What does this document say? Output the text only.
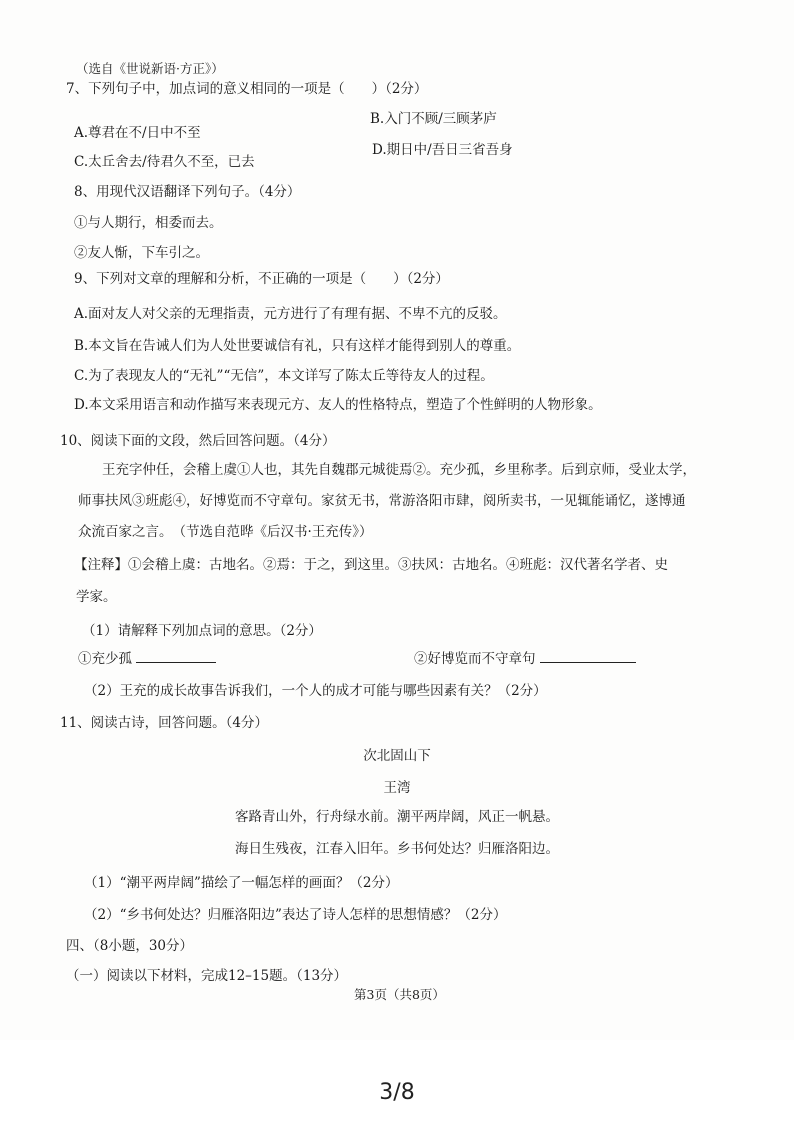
（选自《世说新语·方正》）
7、下列句子中，加点词的意义相同的一项是（　　）（2分）
B.入门不顾/三顾茅庐
A.尊君在不/日中不至
D.期日中/吾日三省吾身
C.太丘舍去/待君久不至，已去
8、用现代汉语翻译下列句子。（4分）
①与人期行，相委而去。
②友人惭，下车引之。
9、下列对文章的理解和分析，不正确的一项是（　　）（2分）
A.面对友人对父亲的无理指责，元方进行了有理有据、不卑不亢的反驳。
B.本文旨在告诫人们为人处世要诚信有礼，只有这样才能得到别人的尊重。
C.为了表现友人的“无礼”“无信”，本文详写了陈太丘等待友人的过程。
D.本文采用语言和动作描写来表现元方、友人的性格特点，塑造了个性鲜明的人物形象。
10、阅读下面的文段，然后回答问题。（4分）
王充字仲任，会稽上虞①人也，其先自魏郡元城徙焉②。充少孤，乡里称孝。后到京师，受业太学，
师事扶风③班彪④，好博览而不守章句。家贫无书，常游洛阳市肆，阅所卖书，一见辄能诵忆，遂博通
众流百家之言。　（节选自范晔《后汉书·王充传》）
【注释】①会稽上虞：古地名。②焉：于之，到这里。③扶风：古地名。④班彪：汉代著名学者、史
学家。
（1）请解释下列加点词的意思。（2分）
①充少孤	②好博览而不守章句
（2）王充的成长故事告诉我们，一个人的成才可能与哪些因素有关？（2分）
11、阅读古诗，回答问题。（4分）
次北固山下
王湾
客路青山外，行舟绿水前。潮平两岸阔，风正一帆悬。
海日生残夜，江春入旧年。乡书何处达？归雁洛阳边。
（1）“潮平两岸阔”描绘了一幅怎样的画面？（2分）
（2）“乡书何处达？归雁洛阳边”表达了诗人怎样的思想情感？（2分）
四、（8小题，30分）
（一）阅读以下材料，完成12–15题。（13分）
第3页（共8页）
3/8
